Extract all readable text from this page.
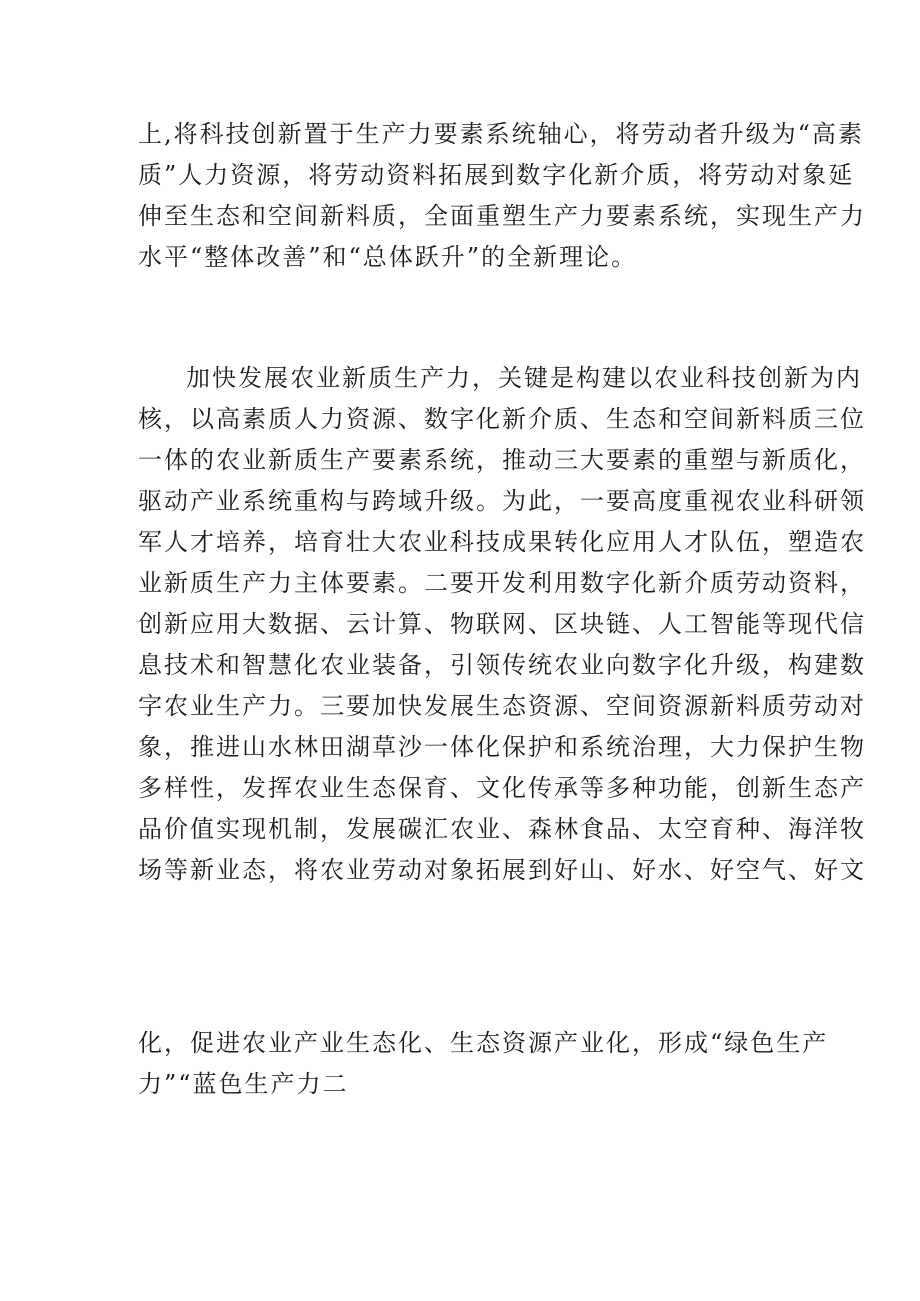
上,将科技创新置于生产力要素系统轴心，将劳动者升级为“高素
质”人力资源，将劳动资料拓展到数字化新介质，将劳动对象延
伸至生态和空间新料质，全面重塑生产力要素系统，实现生产力
水平“整体改善”和“总体跃升”的全新理论。

加快发展农业新质生产力，关键是构建以农业科技创新为内
核，以高素质人力资源、数字化新介质、生态和空间新料质三位
一体的农业新质生产要素系统，推动三大要素的重塑与新质化，
驱动产业系统重构与跨域升级。为此，一要高度重视农业科研领
军人才培养，培育壮大农业科技成果转化应用人才队伍，塑造农
业新质生产力主体要素。二要开发利用数字化新介质劳动资料，
创新应用大数据、云计算、物联网、区块链、人工智能等现代信
息技术和智慧化农业装备，引领传统农业向数字化升级，构建数
字农业生产力。三要加快发展生态资源、空间资源新料质劳动对
象，推进山水林田湖草沙一体化保护和系统治理，大力保护生物
多样性，发挥农业生态保育、文化传承等多种功能，创新生态产
品价值实现机制，发展碳汇农业、森林食品、太空育种、海洋牧
场等新业态，将农业劳动对象拓展到好山、好水、好空气、好文

化，促进农业产业生态化、生态资源产业化，形成“绿色生产
力”“蓝色生产力二
